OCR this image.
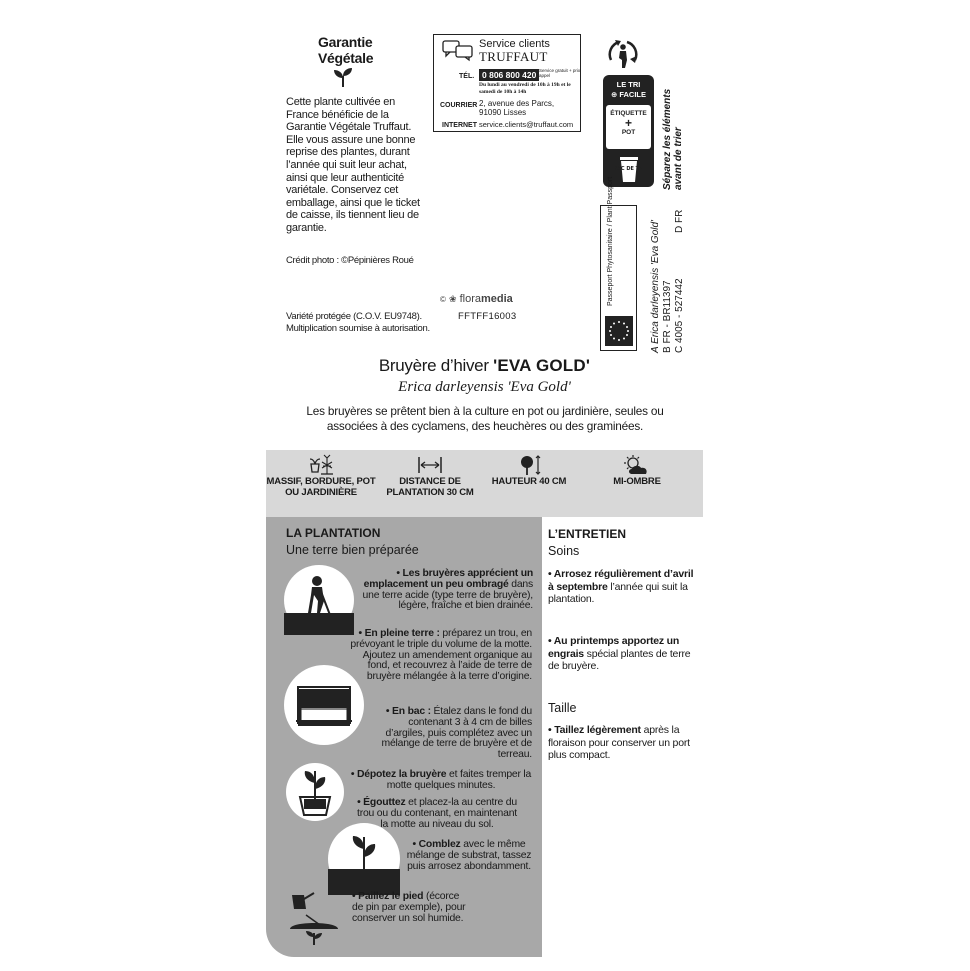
Garantie Végétale
Cette plante cultivée en France bénéficie de la Garantie Végétale Truffaut. Elle vous assure une bonne reprise des plantes, durant l’année qui suit leur achat, ainsi que leur authenticité variétale. Conservez cet emballage, ainsi que le ticket de caisse, ils tiennent lieu de garantie.
Crédit photo : ©Pépinières Roué
Variété protégée (C.O.V. EU9748). Multiplication soumise à autorisation.
Service clients
TRUFFAUT
TÉL. 0 806 800 420 Service gratuit + prix appel
Du lundi au vendredi de 10h à 19h et le samedi de 10h à 14h
COURRIER 2, avenue des Parcs, 91090 Lisses
INTERNET service.clients@truffaut.com
LE TRI
⊕ FACILE
ÉTIQUETTE
+
POT
BAC DE TRI Séparez les éléments
avant de trier
Passeport Phytosanitaire / Plant Passport	A Erica darleyensis 'Eva Gold' B FR - BR11397 C 4005 - 527442
D FR
© ❀ floramedia
FFTFF16003
Bruyère d’hiver 'EVA GOLD'
Erica darleyensis 'Eva Gold'
Les bruyères se prêtent bien à la culture en pot ou jardinière, seules ou associées à des cyclamens, des heuchères ou des graminées.
MASSIF, BORDURE, POT OU JARDINIÈRE
DISTANCE DE PLANTATION 30 CM
HAUTEUR 40 CM	MI-OMBRE
LA PLANTATION
Une terre bien préparée
• Les bruyères apprécient un emplacement un peu ombragé dans une terre acide (type terre de bruyère), légère, fraîche et bien drainée.
• En pleine terre : préparez un trou, en prévoyant le triple du volume de la motte. Ajoutez un amendement organique au fond, et recouvrez à l’aide de terre de bruyère mélangée à la terre d’origine.
• En bac : Étalez dans le fond du contenant 3 à 4 cm de billes d’argiles, puis complétez avec un mélange de terre de bruyère et de terreau.
• Dépotez la bruyère et faites tremper la motte quelques minutes.
• Égouttez et placez-la au centre du trou ou du contenant, en maintenant la motte au niveau du sol.
• Comblez avec le même mélange de substrat, tassez puis arrosez abondamment.
• Paillez le pied (écorce de pin par exemple), pour conserver un sol humide.
L’ENTRETIEN
Soins
• Arrosez régulièrement d’avril à septembre l’année qui suit la plantation.
• Au printemps apportez un engrais spécial plantes de terre de bruyère.
Taille
• Taillez légèrement après la floraison pour conserver un port plus compact.
